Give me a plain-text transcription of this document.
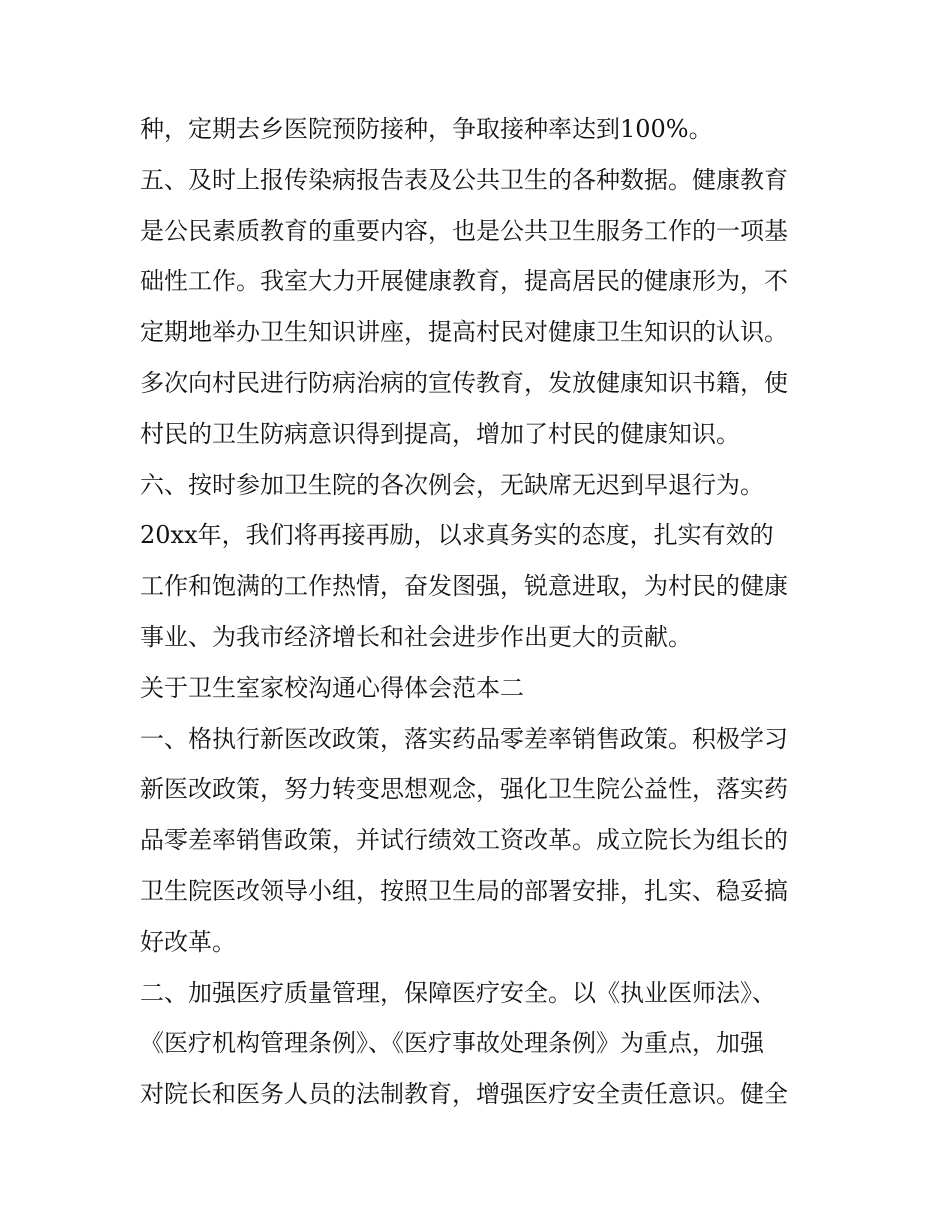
种，定期去乡医院预防接种，争取接种率达到100%。
五、及时上报传染病报告表及公共卫生的各种数据。健康教育
是公民素质教育的重要内容，也是公共卫生服务工作的一项基
础性工作。我室大力开展健康教育，提高居民的健康形为，不
定期地举办卫生知识讲座，提高村民对健康卫生知识的认识。
多次向村民进行防病治病的宣传教育，发放健康知识书籍，使
村民的卫生防病意识得到提高，增加了村民的健康知识。
六、按时参加卫生院的各次例会，无缺席无迟到早退行为。
20xx年，我们将再接再励，以求真务实的态度，扎实有效的
工作和饱满的工作热情，奋发图强，锐意进取，为村民的健康
事业、为我市经济增长和社会进步作出更大的贡献。
关于卫生室家校沟通心得体会范本二
一、格执行新医改政策，落实药品零差率销售政策。积极学习
新医改政策，努力转变思想观念，强化卫生院公益性，落实药
品零差率销售政策，并试行绩效工资改革。成立院长为组长的
卫生院医改领导小组，按照卫生局的部署安排，扎实、稳妥搞
好改革。
二、加强医疗质量管理，保障医疗安全。以《执业医师法》、
《医疗机构管理条例》、《医疗事故处理条例》为重点，加强
对院长和医务人员的法制教育，增强医疗安全责任意识。健全
